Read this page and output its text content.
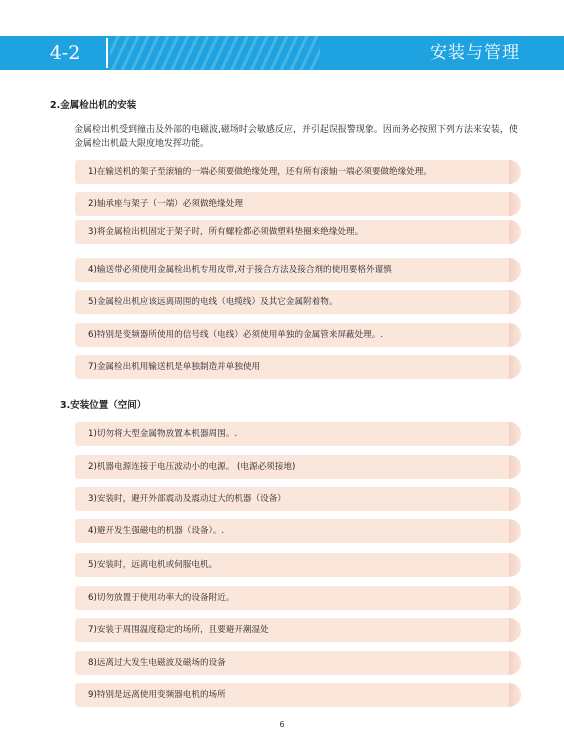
4-2	安装与管理
2.金属检出机的安装
金属检出机受到撞击及外部的电磁波,磁场时会敏感反应，并引起误报警现象。因而务必按照下列方法来安装，使金属检出机最大限度地发挥功能。
1)在输送机的架子至滚轴的一端必须要做绝缘处理，还有所有滚轴一端必须要做绝缘处理。
2)轴承座与架子（一端）必须做绝缘处理
3)将金属检出机固定于架子时，所有螺栓都必须做塑料垫圈来绝缘处理。
4)输送带必须使用金属检出机专用皮带,对于接合方法及接合剂的使用要格外谨慎
5)金属检出机应该远离周围的电线（电缆线）及其它金属附着物。
6)特别是变频器所使用的信号线（电线）必须使用单独的金属管来屏蔽处理。.
7)金属检出机用输送机是单独制造并单独使用
3.安装位置（空间）
1)切勿将大型金属物放置本机器周围。.
2)机器电源连接于电压波动小的电源。 (电源必须接地)
3)安装时，避开外部震动及震动过大的机器（设备）
4)避开发生强磁电的机器（设备）。.
5)安装时，远离电机或伺服电机。
6)切勿放置于使用功率大的设备附近。
7)安装于周围温度稳定的场所，且要避开潮湿处
8)远离过大发生电磁波及磁场的设备
9)特别是远离使用变频器电机的场所
6
